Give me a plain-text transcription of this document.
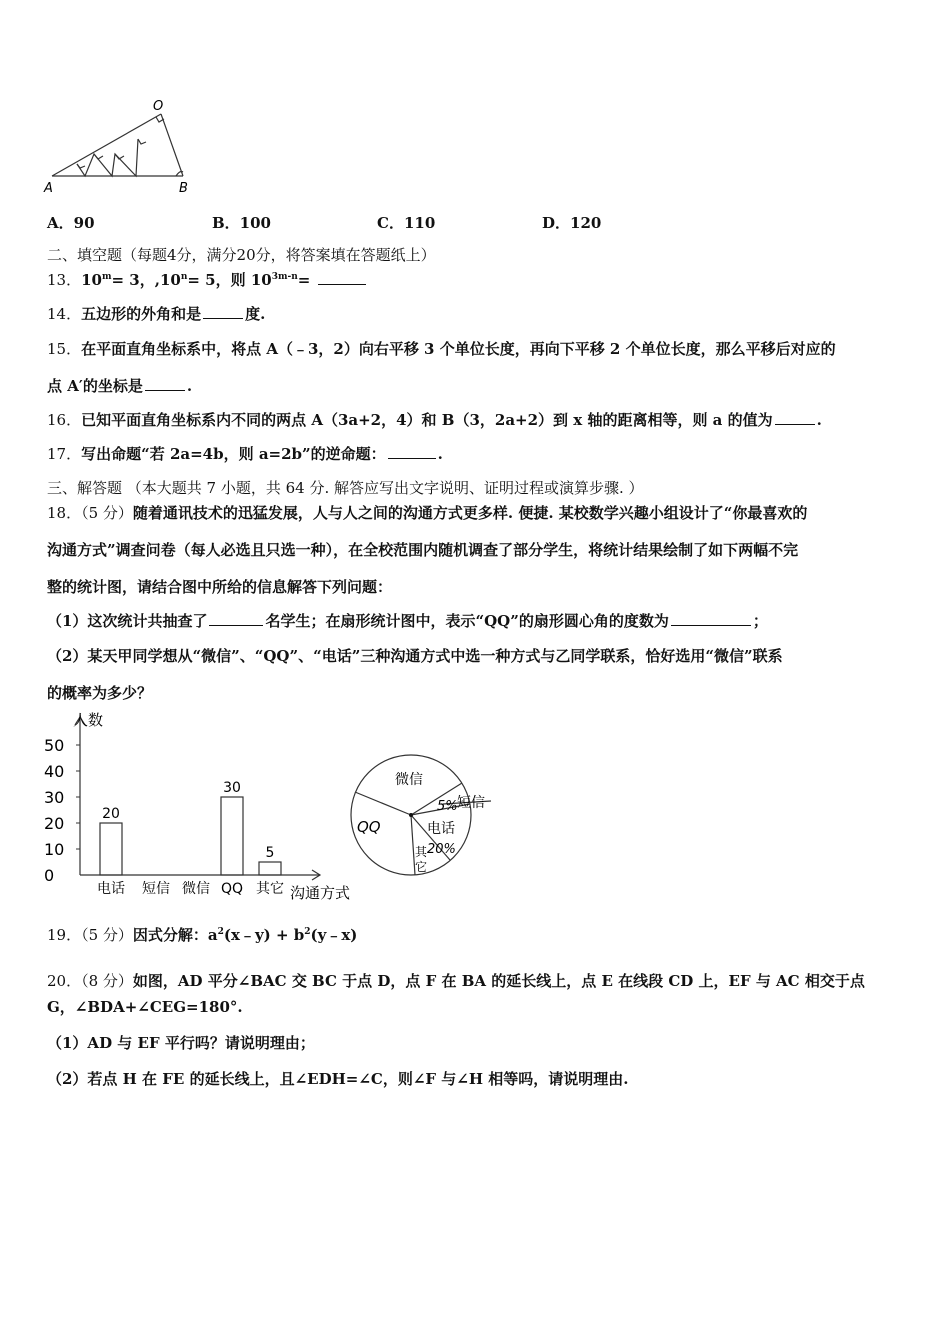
O
A	B
A．90	B．100	C．110	D．120
二、填空题（每题4分，满分20分，将答案填在答题纸上）
13．$10^m= 3$，$,10^n= 5$，则 $10^{3m-n}=$
14．五边形的外角和是	度.
15．在平面直角坐标系中，将点 A（﹣3，2）向右平移 3 个单位长度，再向下平移 2 个单位长度，那么平移后对应的
点 A′的坐标是	.
16．已知平面直角坐标系内不同的两点 A（3a+2，4）和 B（3，2a+2）到 x 轴的距离相等，则 a 的值为	.
17．写出命题“若 2a=4b，则 a=2b”的逆命题：	.
三、解答题 （本大题共 7 小题，共 64 分. 解答应写出文字说明、证明过程或演算步骤. ）
18．（5 分）随着通讯技术的迅猛发展，人与人之间的沟通方式更多样. 便捷. 某校数学兴趣小组设计了“你最喜欢的
沟通方式”调查问卷（每人必选且只选一种），在全校范围内随机调查了部分学生，将统计结果绘制了如下两幅不完
整的统计图，请结合图中所给的信息解答下列问题：
（1）这次统计共抽查了	名学生；在扇形统计图中，表示“QQ”的扇形圆心角的度数为	；
（2）某天甲同学想从“微信”、“QQ”、“电话”三种沟通方式中选一种方式与乙同学联系，恰好选用“微信”联系
的概率为多少？
人数
沟通方式
0
10
20
30
40
50
20
30
5
电话 短信 微信 QQ 其它
微信
短信
5%
电话
20%
其
它
QQ
19．（5 分）因式分解：$a^2(x﹣y)$ + $b^2(y﹣x)$
20．（8 分）如图，AD 平分∠BAC 交 BC 于点 D，点 F 在 BA 的延长线上，点 E 在线段 CD 上，EF 与 AC 相交于点
G，∠BDA+∠CEG=180°.
（1）AD 与 EF 平行吗？请说明理由；
（2）若点 H 在 FE 的延长线上，且∠EDH=∠C，则∠F 与∠H 相等吗，请说明理由.
